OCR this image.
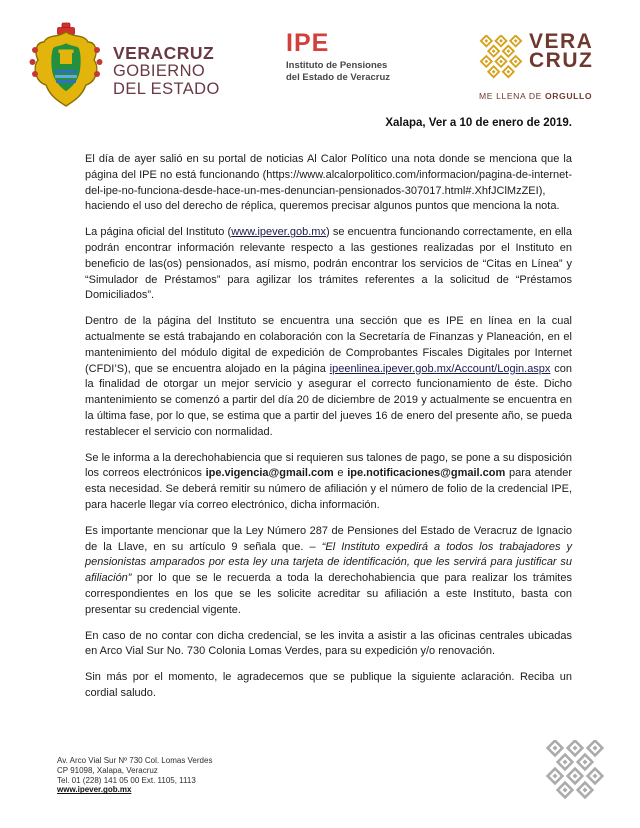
VERACRUZ
GOBIERNO
DEL ESTADO
IPE
Instituto de Pensiones
del Estado de Veracruz
VERA
CRUZ
ME LLENA DE ORGULLO
Xalapa, Ver a 10 de enero de 2019.

El día de ayer salió en su portal de noticias Al Calor Político una nota donde se menciona que la página del IPE no está funcionando (https://www.alcalorpolitico.com/informacion/pagina-de-internet-del-ipe-no-funciona-desde-hace-un-mes-denuncian-pensionados-307017.html#.XhfJClMzZEI), haciendo el uso del derecho de réplica, queremos precisar algunos puntos que menciona la nota.

La página oficial del Instituto (www.ipever.gob.mx) se encuentra funcionando correctamente, en ella podrán encontrar información relevante respecto a las gestiones realizadas por el Instituto en beneficio de las(os) pensionados, así mismo, podrán encontrar los servicios de “Citas en Línea” y “Simulador de Préstamos” para agilizar los trámites referentes a la solicitud de “Préstamos Domiciliados”.

Dentro de la página del Instituto se encuentra una sección que es IPE en línea en la cual actualmente se está trabajando en colaboración con la Secretaría de Finanzas y Planeación, en el mantenimiento del módulo digital de expedición de Comprobantes Fiscales Digitales por Internet (CFDI’S), que se encuentra alojado en la página ipeenlinea.ipever.gob.mx/Account/Login.aspx con la finalidad de otorgar un mejor servicio y asegurar el correcto funcionamiento de éste. Dicho mantenimiento se comenzó a partir del día 20 de diciembre de 2019 y actualmente se encuentra en la última fase, por lo que, se estima que a partir del jueves 16 de enero del presente año, se pueda restablecer el servicio con normalidad.

Se le informa a la derechohabiencia que si requieren sus talones de pago, se pone a su disposición los correos electrónicos ipe.vigencia@gmail.com e ipe.notificaciones@gmail.com para atender esta necesidad. Se deberá remitir su número de afiliación y el número de folio de la credencial IPE, para hacerle llegar vía correo electrónico, dicha información.

Es importante mencionar que la Ley Número 287 de Pensiones del Estado de Veracruz de Ignacio de la Llave, en su artículo 9 señala que. – “El Instituto expedirá a todos los trabajadores y pensionistas amparados por esta ley una tarjeta de identificación, que les servirá para justificar su afiliación” por lo que se le recuerda a toda la derechohabiencia que para realizar los trámites correspondientes en los que se les solicite acreditar su afiliación a este Instituto, basta con presentar su credencial vigente.

En caso de no contar con dicha credencial, se les invita a asistir a las oficinas centrales ubicadas en Arco Vial Sur No. 730 Colonia Lomas Verdes, para su expedición y/o renovación.

Sin más por el momento, le agradecemos que se publique la siguiente aclaración. Reciba un cordial saludo.

Av. Arco Vial Sur Nº 730 Col. Lomas Verdes
CP 91098, Xalapa, Veracruz
Tel. 01 (228) 141 05 00 Ext. 1105, 1113
www.ipever.gob.mx
